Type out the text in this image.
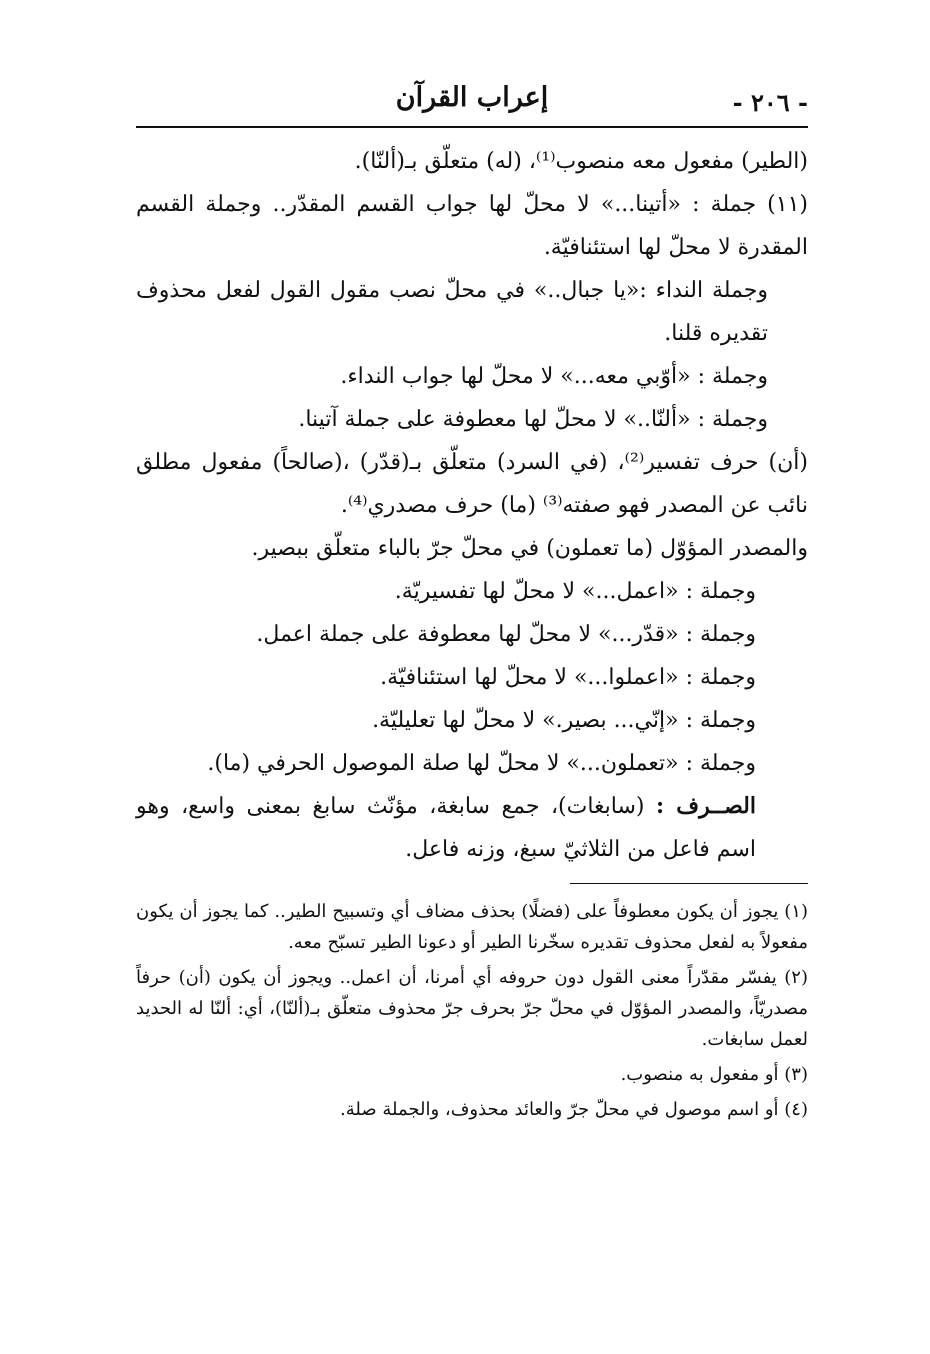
- ٢٠٦ -
إعراب القرآن

(الطير) مفعول معه منصوب⁽¹⁾، (له) متعلّق بـ(ألنّا).

(١١) جملة : «أتينا...» لا محلّ لها جواب القسم المقدّر.. وجملة القسم المقدرة لا محلّ لها استئنافيّة.

وجملة النداء :«يا جبال..» في محلّ نصب مقول القول لفعل محذوف تقديره قلنا.

وجملة : «أوّبي معه...» لا محلّ لها جواب النداء.

وجملة : «ألنّا..» لا محلّ لها معطوفة على جملة آتينا.

(أن) حرف تفسير⁽²⁾، (في السرد) متعلّق بـ(قدّر) ،(صالحاً) مفعول مطلق نائب عن المصدر فهو صفته⁽³⁾ (ما) حرف مصدري⁽⁴⁾.

والمصدر المؤوّل (ما تعملون) في محلّ جرّ بالباء متعلّق ببصير.

وجملة : «اعمل...» لا محلّ لها تفسيريّة.

وجملة : «قدّر...» لا محلّ لها معطوفة على جملة اعمل.

وجملة : «اعملوا...» لا محلّ لها استئنافيّة.

وجملة : «إنّي... بصير.» لا محلّ لها تعليليّة.

وجملة : «تعملون...» لا محلّ لها صلة الموصول الحرفي (ما).

الصــرف : (سابغات)، جمع سابغة، مؤنّث سابغ بمعنى واسع، وهو اسم فاعل من الثلاثيّ سبغ، وزنه فاعل.

(١) يجوز أن يكون معطوفاً على (فضلًا) بحذف مضاف أي وتسبيح الطير.. كما يجوز أن يكون مفعولاً به لفعل محذوف تقديره سخّرنا الطير أو دعونا الطير تسبّح معه.

(٢) يفسّر مقدّراً معنى القول دون حروفه أي أمرنا، أن اعمل.. ويجوز أن يكون (أن) حرفاً مصدريّاً، والمصدر المؤوّل في محلّ جرّ بحرف جرّ محذوف متعلّق بـ(ألنّا)، أي: ألنّا له الحديد لعمل سابغات.

(٣) أو مفعول به منصوب.

(٤) أو اسم موصول في محلّ جرّ والعائد محذوف، والجملة صلة.
